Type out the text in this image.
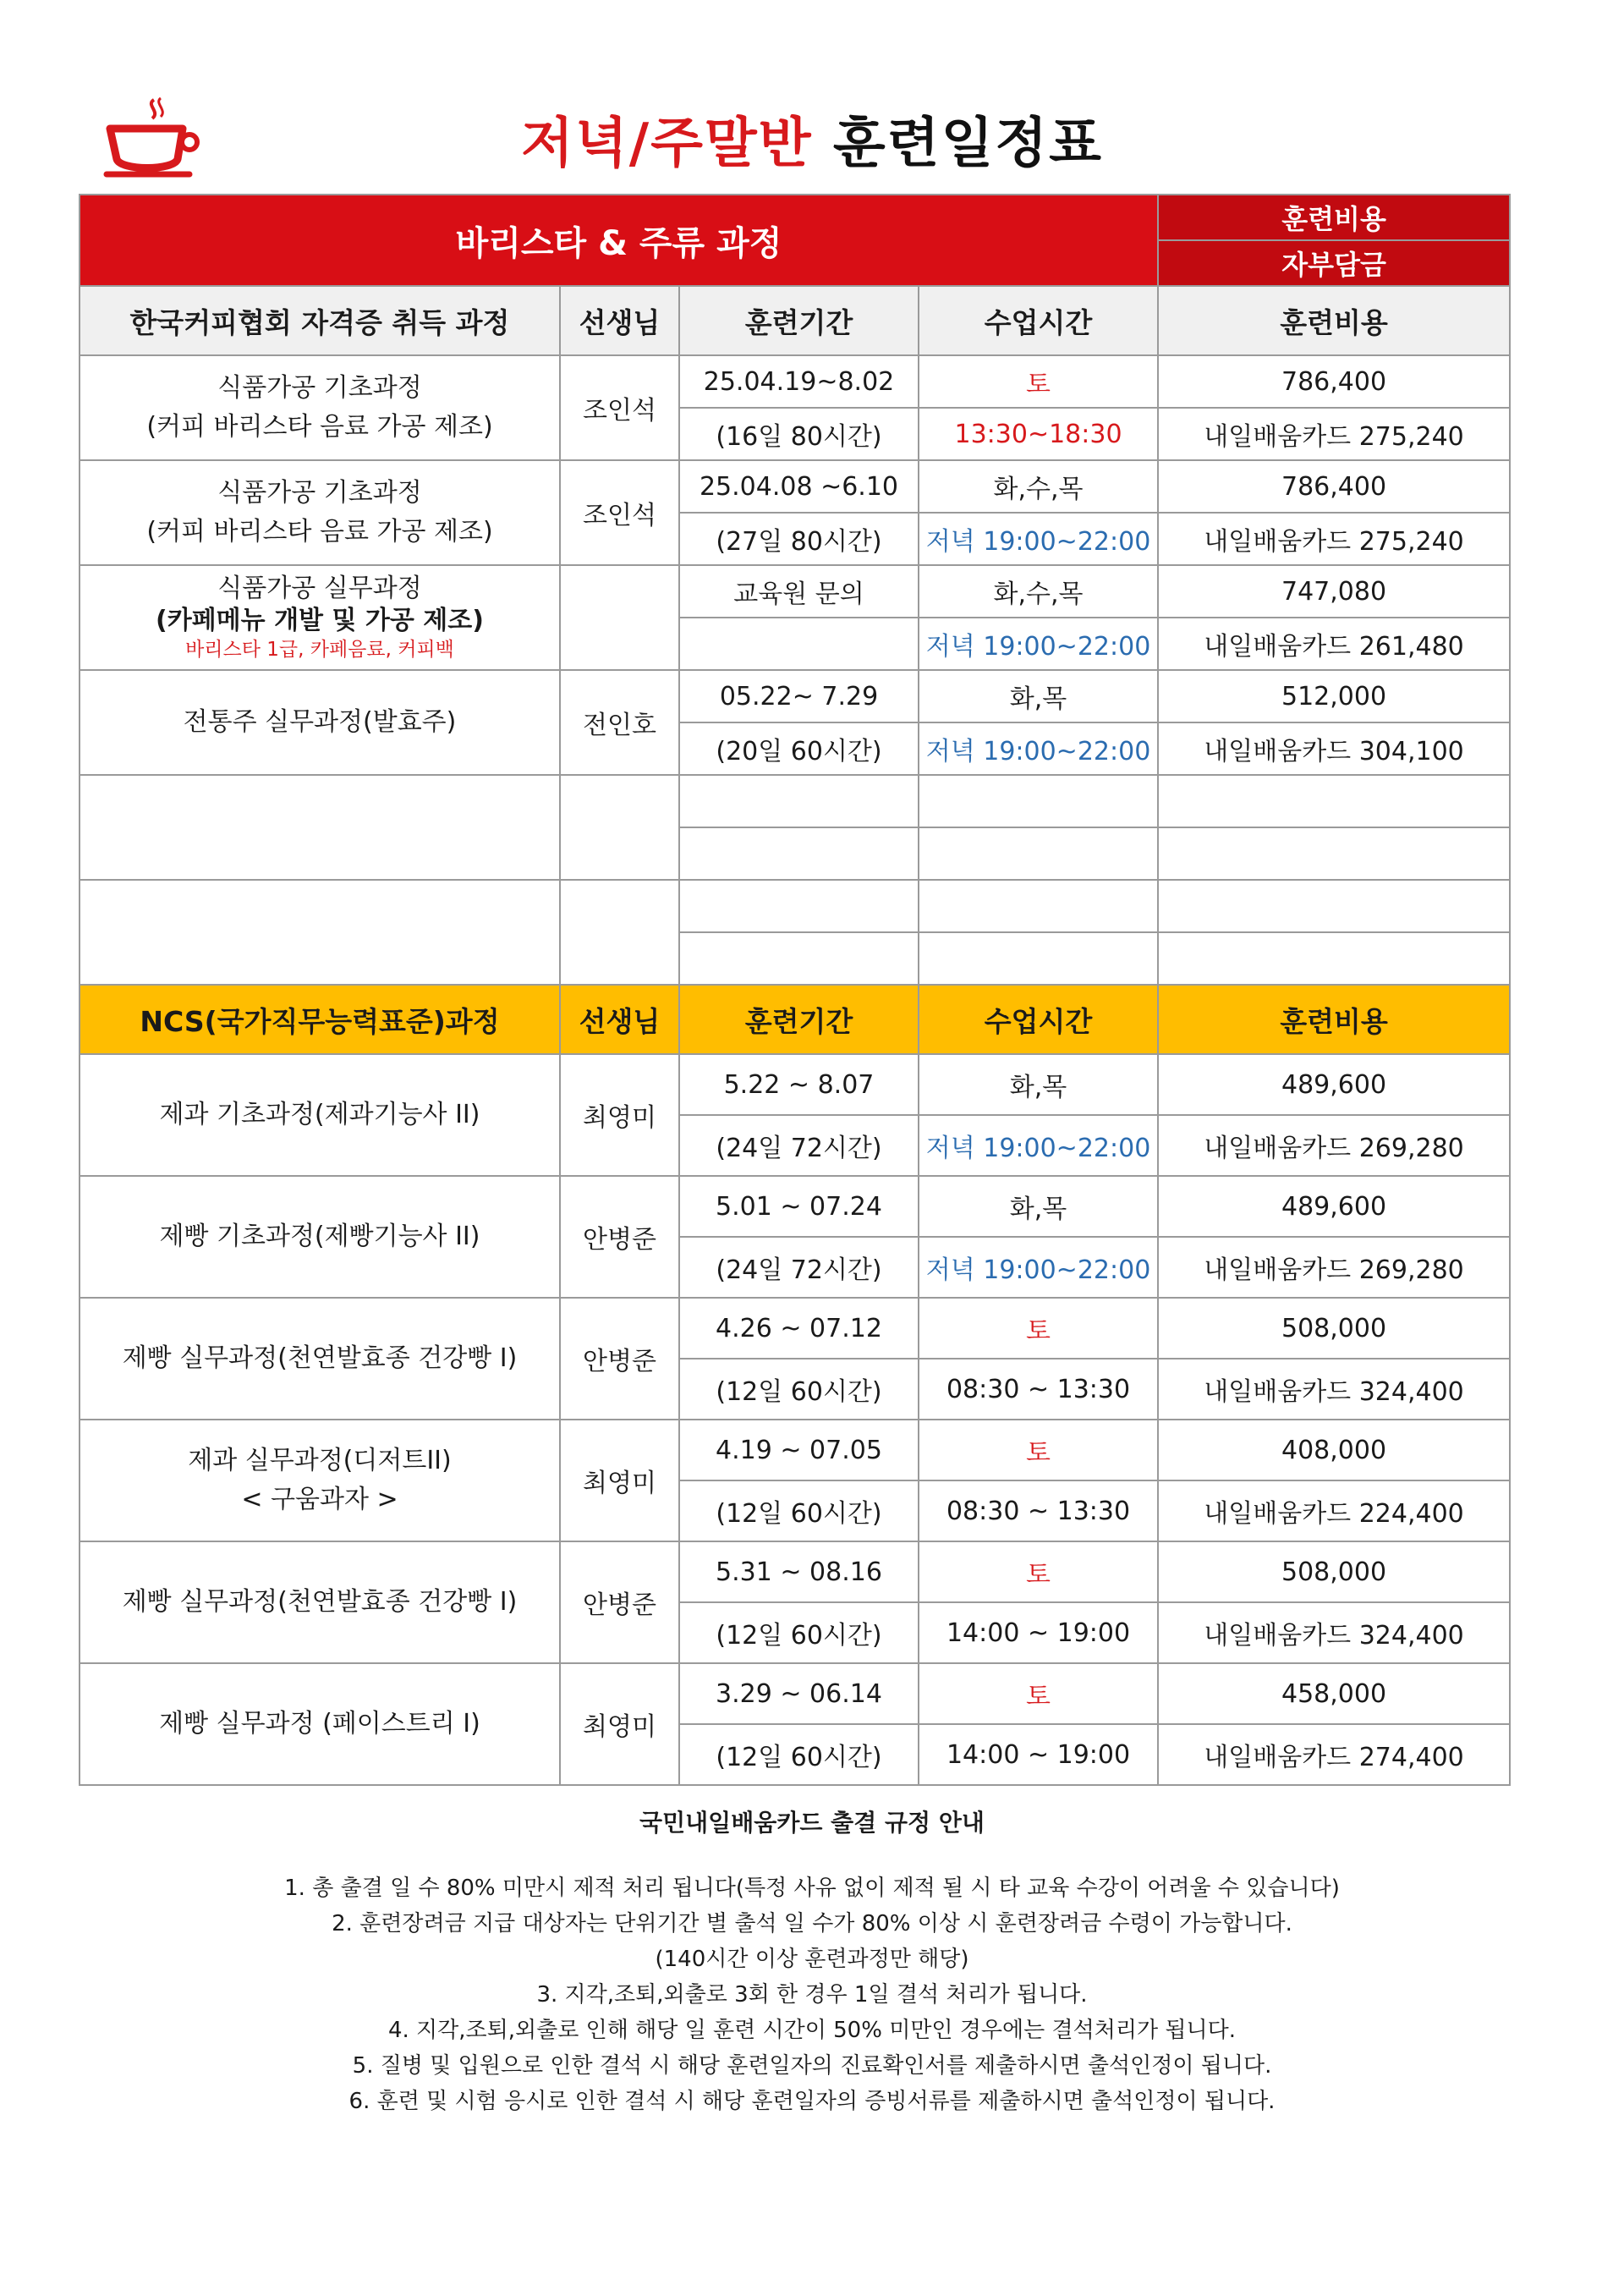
저녁/주말반 훈련일정표
바리스타 & 주류 과정				훈련비용
				자부담금
한국커피협회 자격증 취득 과정	선생님	훈련기간	수업시간	훈련비용

식품가공 기초과정
(커피 바리스타 음료 가공 제조)	조인석	25.04.19~8.02	토	786,400
		(16일 80시간)	13:30~18:30	내일배움카드 275,240

식품가공 기초과정
(커피 바리스타 음료 가공 제조)	조인석	25.04.08 ~6.10	화,수,목	786,400
		(27일 80시간)	저녁 19:00~22:00	내일배움카드 275,240

식품가공 실무과정
(카페메뉴 개발 및 가공 제조)
바리스타 1급, 카페음료, 커피백		교육원 문의	화,수,목	747,080
			저녁 19:00~22:00	내일배움카드 261,480

전통주 실무과정(발효주)	전인호	05.22~ 7.29	화,목	512,000
		(20일 60시간)	저녁 19:00~22:00	내일배움카드 304,100

NCS(국가직무능력표준)과정	선생님	훈련기간	수업시간	훈련비용
제과 기초과정(제과기능사 II)	최영미	5.22 ~ 8.07	화,목	489,600
		(24일 72시간)	저녁 19:00~22:00	내일배움카드 269,280
제빵 기초과정(제빵기능사 II)	안병준	5.01 ~ 07.24	화,목	489,600
		(24일 72시간)	저녁 19:00~22:00	내일배움카드 269,280
제빵 실무과정(천연발효종 건강빵 I)	안병준	4.26 ~ 07.12	토	508,000
		(12일 60시간)	08:30 ~ 13:30	내일배움카드 324,400

제과 실무과정(디저트II)
< 구움과자 >	최영미	4.19 ~ 07.05	토	408,000
		(12일 60시간)	08:30 ~ 13:30	내일배움카드 224,400
제빵 실무과정(천연발효종 건강빵 I)	안병준	5.31 ~ 08.16	토	508,000
		(12일 60시간)	14:00 ~ 19:00	내일배움카드 324,400
제빵 실무과정 (페이스트리 I)	최영미	3.29 ~ 06.14	토	458,000
		(12일 60시간)	14:00 ~ 19:00	내일배움카드 274,400
국민내일배움카드 출결 규정 안내
1. 총 출결 일 수 80% 미만시 제적 처리 됩니다(특정 사유 없이 제적 될 시 타 교육 수강이 어려울 수 있습니다)
2. 훈련장려금 지급 대상자는 단위기간 별 출석 일 수가 80% 이상 시 훈련장려금 수령이 가능합니다.
(140시간 이상 훈련과정만 해당)
3. 지각,조퇴,외출로 3회 한 경우 1일 결석 처리가 됩니다.
4. 지각,조퇴,외출로 인해 해당 일 훈련 시간이 50% 미만인 경우에는 결석처리가 됩니다.
5. 질병 및 입원으로 인한 결석 시 해당 훈련일자의 진료확인서를 제출하시면 출석인정이 됩니다.
6. 훈련 및 시험 응시로 인한 결석 시 해당 훈련일자의 증빙서류를 제출하시면 출석인정이 됩니다.
